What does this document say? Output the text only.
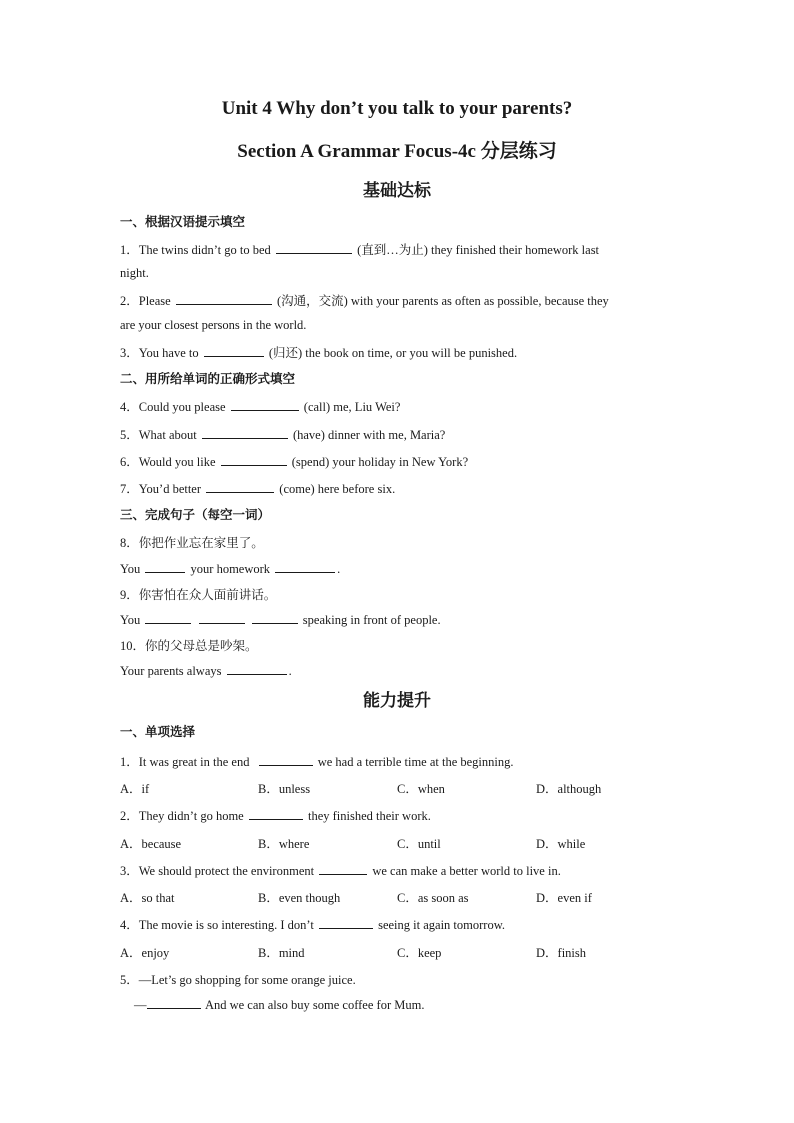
Unit 4 Why don’t you talk to your parents?
Section A Grammar Focus-4c 分层练习
基础达标
一、根据汉语提示填空
1．The twins didn’t go to bed	(直到…为止) they finished their homework last
night.
2．Please	(沟通，交流) with your parents as often as possible, because they
are your closest persons in the world.
3．You have to	(归还) the book on time, or you will be punished.
二、用所给单词的正确形式填空
4．Could you please	(call) me, Liu Wei?
5．What about	(have) dinner with me, Maria?
6．Would you like	(spend) your holiday in New York?
7．You’d better	(come) here before six.
三、完成句子（每空一词）
8．你把作业忘在家里了。
You	your homework	.
9．你害怕在众人面前讲话。
You	speaking in front of people.
10．你的父母总是吵架。
Your parents always	.
能力提升
一、单项选择
1．It was great in the end	we had a terrible time at the beginning.
A．if	B．unless	C．when	D．although
2．They didn’t go home	they finished their work.
A．because	B．where	C．until	D．while
3．We should protect the environment	we can make a better world to live in.
A．so that	B．even though	C．as soon as	D．even if
4．The movie is so interesting. I don’t	seeing it again tomorrow.
A．enjoy	B．mind	C．keep	D．finish
5．—Let’s go shopping for some orange juice.
—	And we can also buy some coffee for Mum.
